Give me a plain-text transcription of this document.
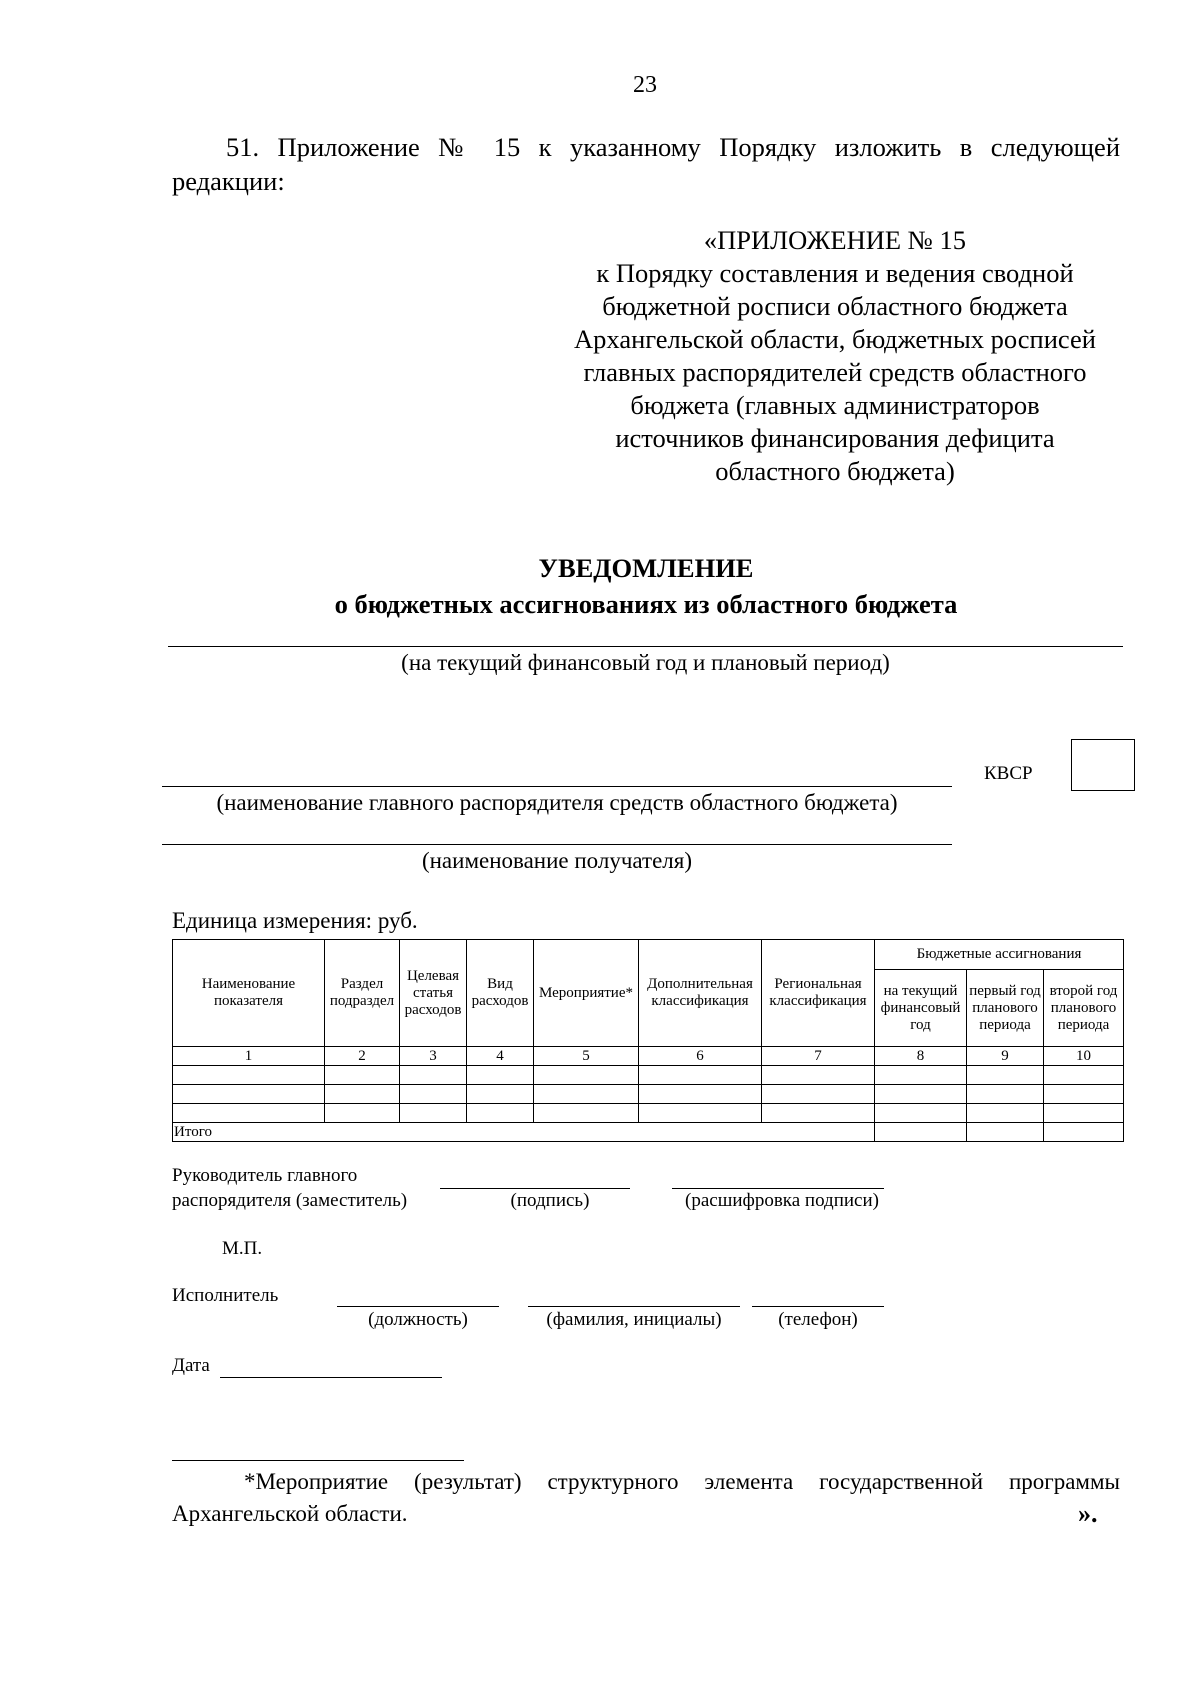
23
51. Приложение № 15 к указанному Порядку изложить в следующей редакции:
«ПРИЛОЖЕНИЕ № 15
к Порядку составления и ведения сводной
бюджетной росписи областного бюджета
Архангельской области, бюджетных росписей
главных распорядителей средств областного
бюджета (главных администраторов
источников финансирования дефицита
областного бюджета)
УВЕДОМЛЕНИЕ
о бюджетных ассигнованиях из областного бюджета
(на текущий финансовый год и плановый период)
(наименование главного распорядителя средств областного бюджета)
КВСР
(наименование получателя)
Единица измерения: руб.
Наименование показателя	Раздел подраздел	Целевая статья расходов	Вид расходов	Мероприятие*	Дополнительная классификация	Региональная классификация	Бюджетные ассигнования		
							на текущий финансовый год	первый год планового периода	второй год планового периода
1	2	3	4	5	6	7	8	9	10

Итого									
Руководитель главного
распорядителя (заместитель)	(подпись)	(расшифровка подписи)
М.П.
Исполнитель
(должность)	(фамилия, инициалы)	(телефон)
Дата
*Мероприятие (результат) структурного элемента государственной программы Архангельской области.	».
